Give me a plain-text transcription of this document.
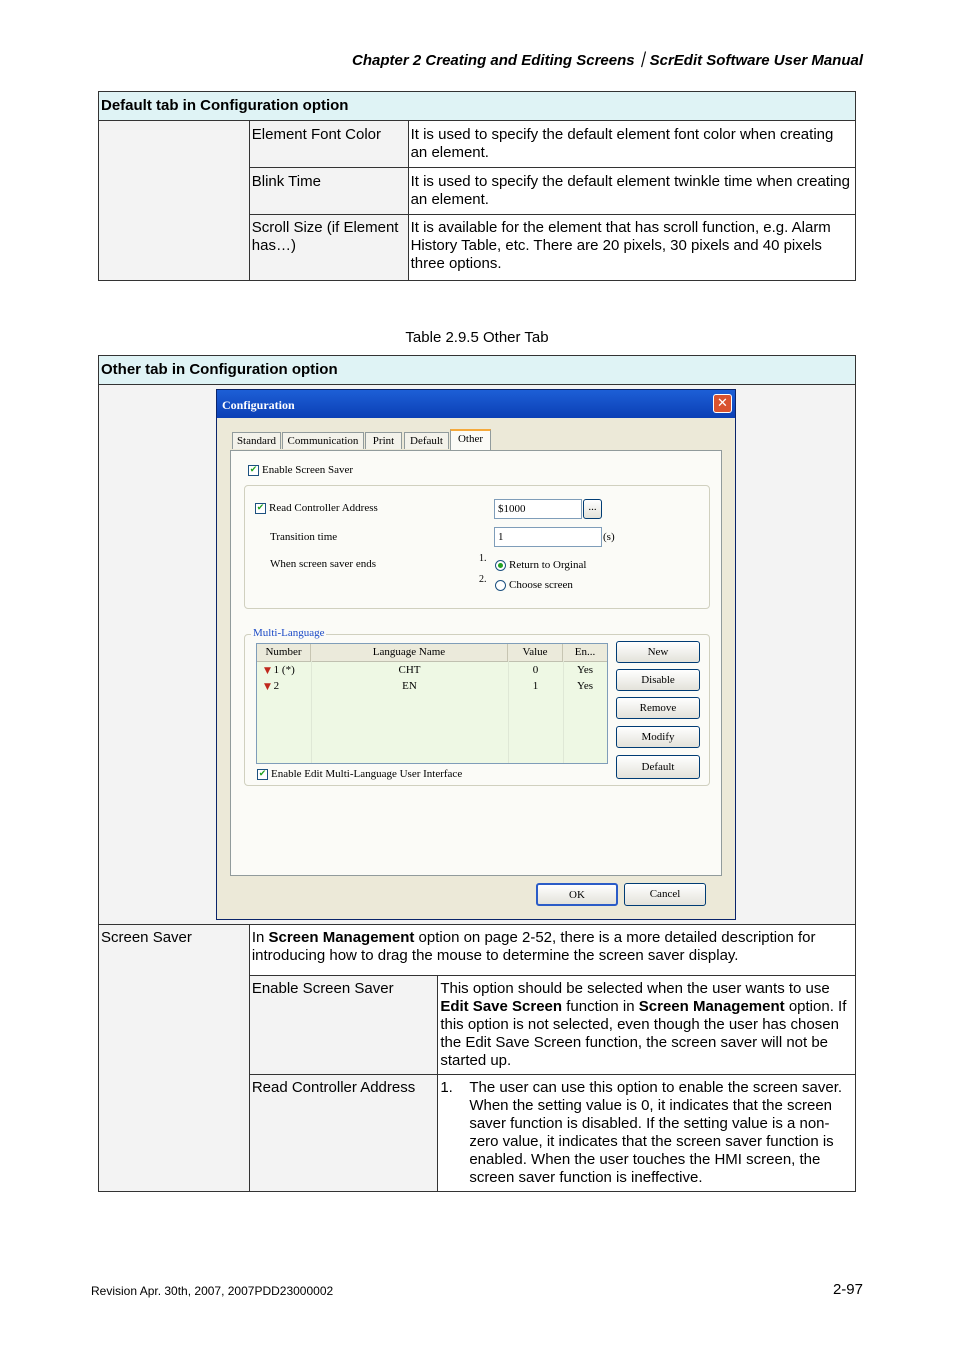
Chapter 2 Creating and Editing Screens｜ScrEdit Software User Manual
Default tab in Configuration option		
	Element Font Color	It is used to specify the default element font color when creating an element.
	Blink Time	It is used to specify the default element twinkle time when creating an element.
	Scroll Size (if Element has…)	It is available for the element that has scroll function, e.g. Alarm History Table, etc. There are 20 pixels, 30 pixels and 40 pixels three options.
Table 2.9.5 Other Tab
Other tab in Configuration option

Screen Saver	In Screen Management option on page 2-52, there is a more detailed description for introducing how to drag the mouse to determine the screen saver display.

Enable Screen Saver	This option should be selected when the user wants to use Edit Save Screen function in Screen Management option. If this option is not selected, even though the user has chosen the Edit Save Screen function, the screen saver will not be started up.
Read Controller Address	1.	The user can use this option to enable the screen saver. When the setting value is 0, it indicates that the screen saver function is disabled. If the setting value is a non-zero value, it indicates that the screen saver function is enabled. When the user touches the HMI screen, the screen saver function is ineffective.
Configuration	✕
Standard	Communication	Print	Default	Other
✔ Enable Screen Saver
✔ Read Controller Address	$1000	...
Transition time	1	(s)
When screen saver ends	1.
2.
Return to Orginal
Choose screen
Multi-Language
Number	Language Name	Value	En...
▼ 1 (*)	CHT	0	Yes
▼ 2	EN	1	Yes
New
Disable
Remove
Modify
Default
✔ Enable Edit Multi-Language User Interface
OK	Cancel
Revision Apr. 30th, 2007, 2007PDD23000002	2-97
